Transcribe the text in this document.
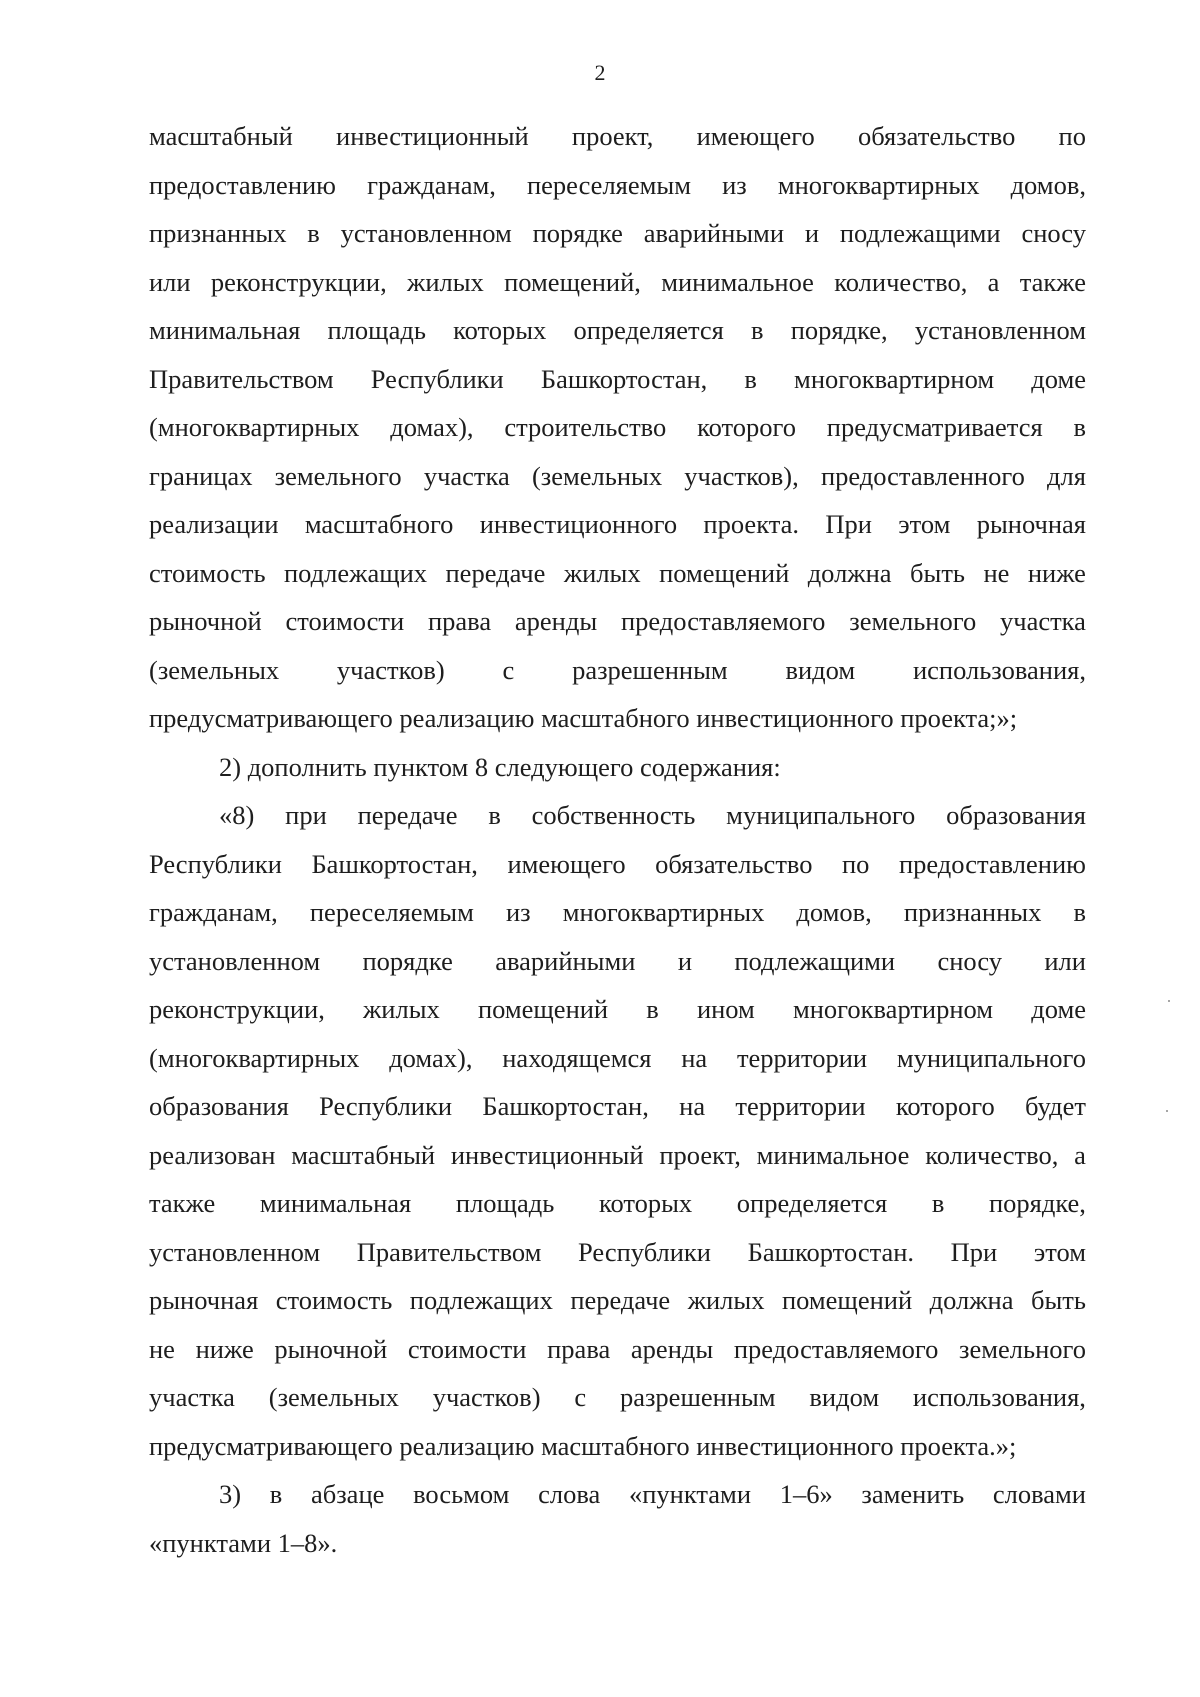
2
масштабный инвестиционный проект, имеющего обязательство по
предоставлению гражданам, переселяемым из многоквартирных домов,
признанных в установленном порядке аварийными и подлежащими сносу
или реконструкции, жилых помещений, минимальное количество, а также
минимальная площадь которых определяется в порядке, установленном
Правительством Республики Башкортостан, в многоквартирном доме
(многоквартирных домах), строительство которого предусматривается в
границах земельного участка (земельных участков), предоставленного для
реализации масштабного инвестиционного проекта. При этом рыночная
стоимость подлежащих передаче жилых помещений должна быть не ниже
рыночной стоимости права аренды предоставляемого земельного участка
(земельных участков) с разрешенным видом использования,
предусматривающего реализацию масштабного инвестиционного проекта;»;
2) дополнить пунктом 8 следующего содержания:
«8) при передаче в собственность муниципального образования
Республики Башкортостан, имеющего обязательство по предоставлению
гражданам, переселяемым из многоквартирных домов, признанных в
установленном порядке аварийными и подлежащими сносу или
реконструкции, жилых помещений в ином многоквартирном доме
(многоквартирных домах), находящемся на территории муниципального
образования Республики Башкортостан, на территории которого будет
реализован масштабный инвестиционный проект, минимальное количество, а
также минимальная площадь которых определяется в порядке,
установленном Правительством Республики Башкортостан. При этом
рыночная стоимость подлежащих передаче жилых помещений должна быть
не ниже рыночной стоимости права аренды предоставляемого земельного
участка (земельных участков) с разрешенным видом использования,
предусматривающего реализацию масштабного инвестиционного проекта.»;
3) в абзаце восьмом слова «пунктами 1–6» заменить словами
«пунктами 1–8».
